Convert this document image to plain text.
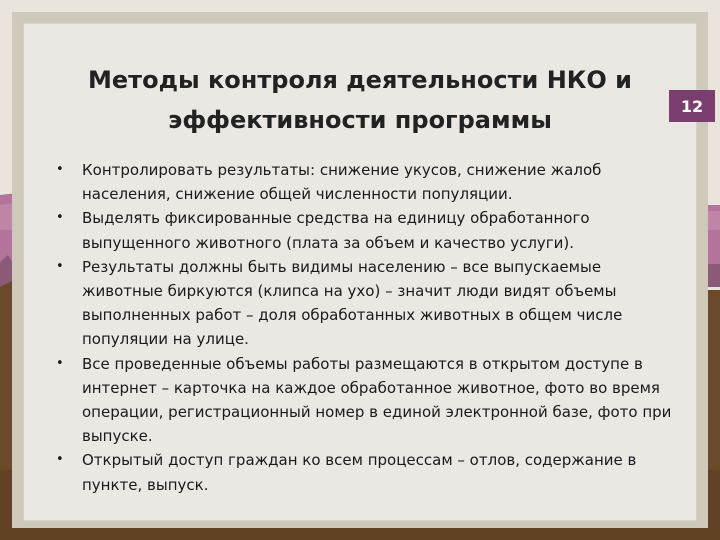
Методы контроля деятельности НКО и эффективности программы
•	Контролировать результаты: снижение укусов, снижение жалоб населения, снижение общей численности популяции.
•	Выделять фиксированные средства на единицу обработанного выпущенного животного (плата за объем и качество услуги).
•	Результаты должны быть видимы населению – все выпускаемые животные биркуются (клипса на ухо) – значит люди видят объемы выполненных работ – доля обработанных животных в общем числе популяции на улице.
•	Все проведенные объемы работы размещаются в открытом доступе в интернет – карточка на каждое обработанное животное, фото во время операции, регистрационный номер в единой электронной базе, фото при выпуске.
•	Открытый доступ граждан ко всем процессам – отлов, содержание в пункте, выпуск.
12
